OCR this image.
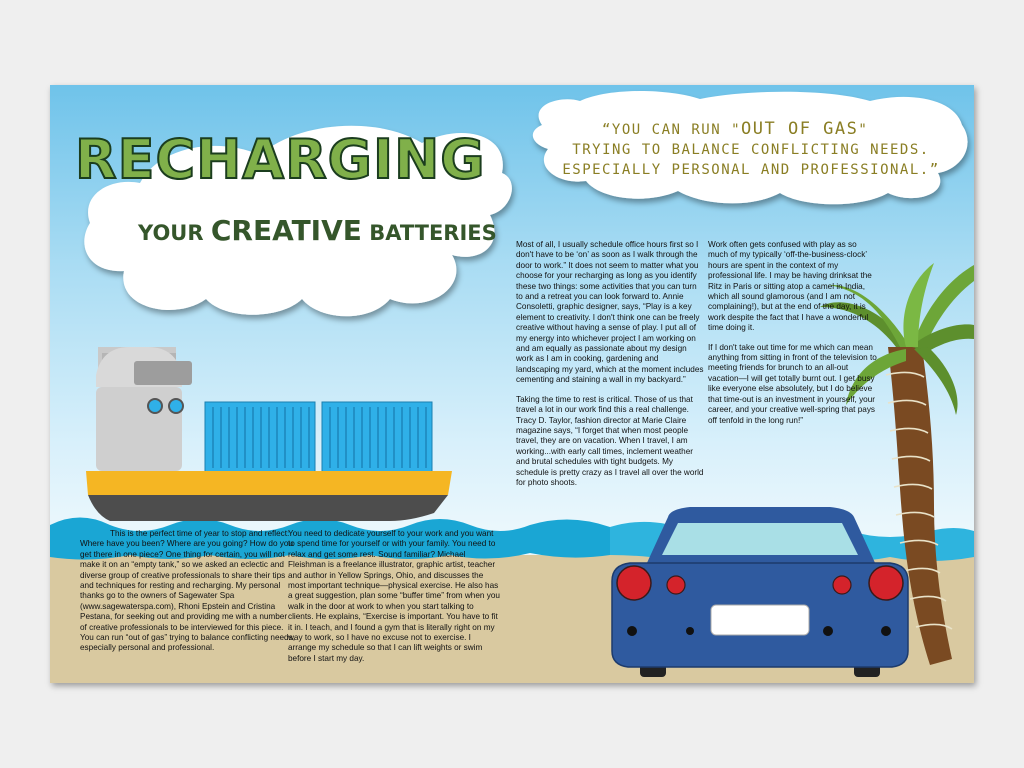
RECHARGING
YOUR CREATIVE BATTERIES
“YOU CAN RUN "OUT OF GAS"
TRYING TO BALANCE CONFLICTING NEEDS.
ESPECIALLY PERSONAL AND PROFESSIONAL.”

This is the perfect time of year to stop and reflect: Where have you been? Where are you going? How do you get there in one piece? One thing for certain, you will not make it on an “empty tank,” so we asked an eclectic and diverse group of creative professionals to share their tips and techniques for resting and recharging. My personal thanks go to the owners of Sagewater Spa (www.sagewaterspa.com), Rhoni Epstein and Cristina Pestana, for seeking out and providing me with a number of creative professionals to be interviewed for this piece. You can run “out of gas” trying to balance conflicting needs, especially personal and professional.

You need to dedicate yourself to your work and you want to spend time for yourself or with your family. You need to relax and get some rest. Sound familiar? Michael Fleishman is a freelance illustrator, graphic artist, teacher and author in Yellow Springs, Ohio, and discusses the most important technique—physical exercise. He also has a great suggestion, plan some “buffer time” from when you walk in the door at work to when you start talking to clients. He explains, “Exercise is important. You have to fit it in. I teach, and I found a gym that is literally right on my way to work, so I have no excuse not to exercise. I arrange my schedule so that I can lift weights or swim before I start my day.

Most of all, I usually schedule office hours first so I don't have to be ‘on’ as soon as I walk through the door to work.” It does not seem to matter what you choose for your recharging as long as you identify these two things: some activities that you can turn to and a retreat you can look forward to. Annie Consoletti, graphic designer, says, “Play is a key element to creativity. I don't think one can be freely creative without having a sense of play. I put all of my energy into whichever project I am working on and am equally as passionate about my design work as I am in cooking, gardening and landscaping my yard, which at the moment includes cementing and staining a wall in my backyard.”

Taking the time to rest is critical. Those of us that travel a lot in our work find this a real challenge. Tracy D. Taylor, fashion director at Marie Claire magazine says, “I forget that when most people travel, they are on vacation. When I travel, I am working...with early call times, inclement weather and brutal schedules with tight budgets. My schedule is pretty crazy as I travel all over the world for photo shoots.

Work often gets confused with play as so much of my typically ‘off-the-business-clock’ hours are spent in the context of my professional life. I may be having drinksat the Ritz in Paris or sitting atop a camel in India, which all sound glamorous (and I am not complaining!), but at the end of the day, it is work despite the fact that I have a wonderful time doing it.

If I don't take out time for me which can mean anything from sitting in front of the television to meeting friends for brunch to an all-out vacation—I will get totally burnt out. I get busy like everyone else absolutely, but I do believe that time-out is an investment in yourself, your career, and your creative well-spring that pays off tenfold in the long run!”
